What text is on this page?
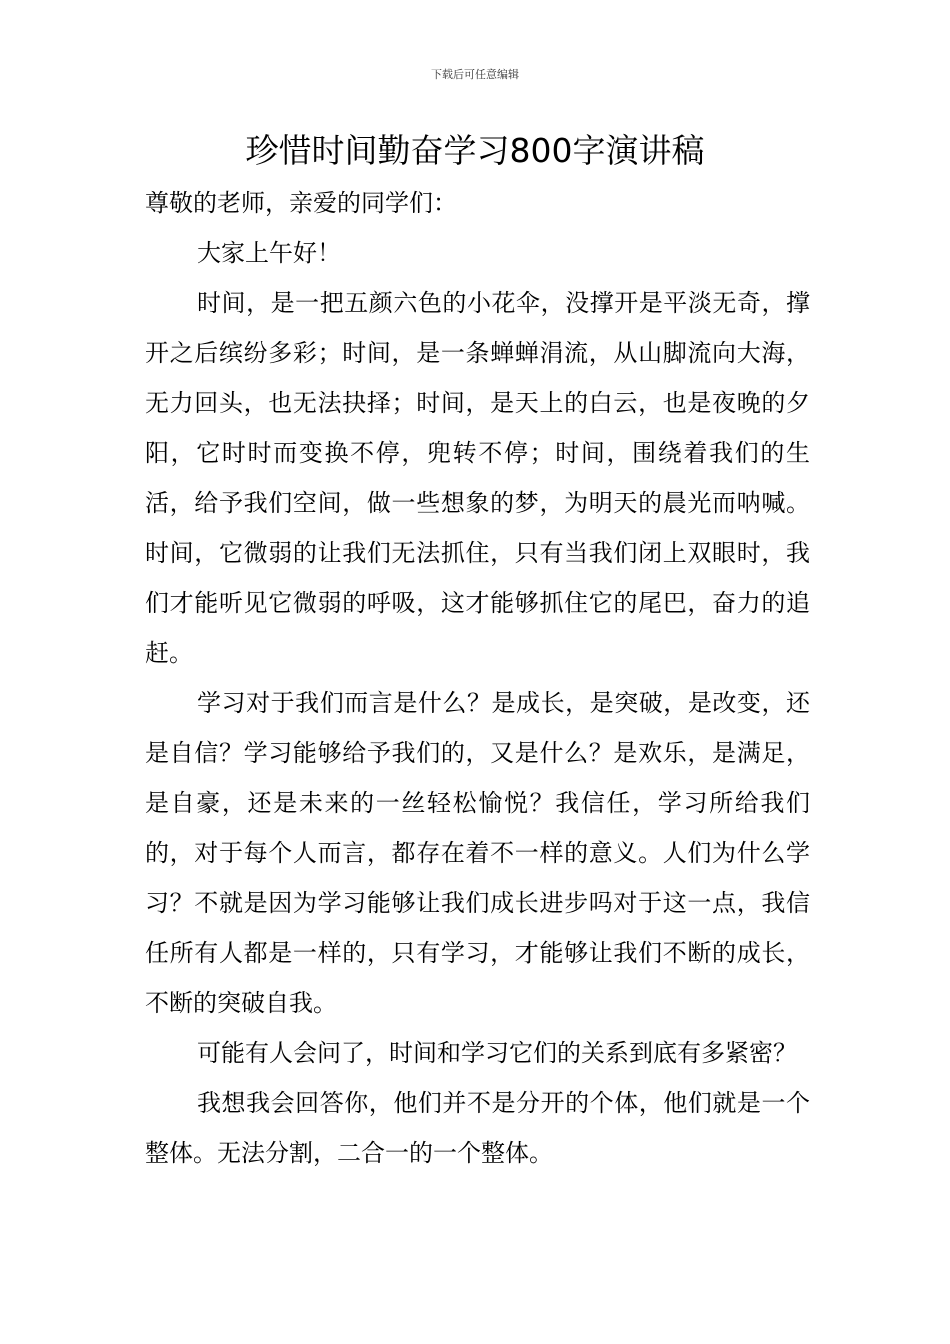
下载后可任意编辑
珍惜时间勤奋学习800字演讲稿

尊敬的老师，亲爱的同学们：

大家上午好！

时间，是一把五颜六色的小花伞，没撑开是平淡无奇，撑开之后缤纷多彩；时间，是一条蝉蝉涓流，从山脚流向大海，无力回头，也无法抉择；时间，是天上的白云，也是夜晚的夕阳，它时时而变换不停，兜转不停；时间，围绕着我们的生活，给予我们空间，做一些想象的梦，为明天的晨光而呐喊。时间，它微弱的让我们无法抓住，只有当我们闭上双眼时，我们才能听见它微弱的呼吸，这才能够抓住它的尾巴，奋力的追赶。

学习对于我们而言是什么？是成长，是突破，是改变，还是自信？学习能够给予我们的，又是什么？是欢乐，是满足，是自豪，还是未来的一丝轻松愉悦？我信任，学习所给我们的，对于每个人而言，都存在着不一样的意义。人们为什么学习？不就是因为学习能够让我们成长进步吗对于这一点，我信任所有人都是一样的，只有学习，才能够让我们不断的成长，不断的突破自我。

可能有人会问了，时间和学习它们的关系到底有多紧密？

我想我会回答你，他们并不是分开的个体，他们就是一个整体。无法分割，二合一的一个整体。
